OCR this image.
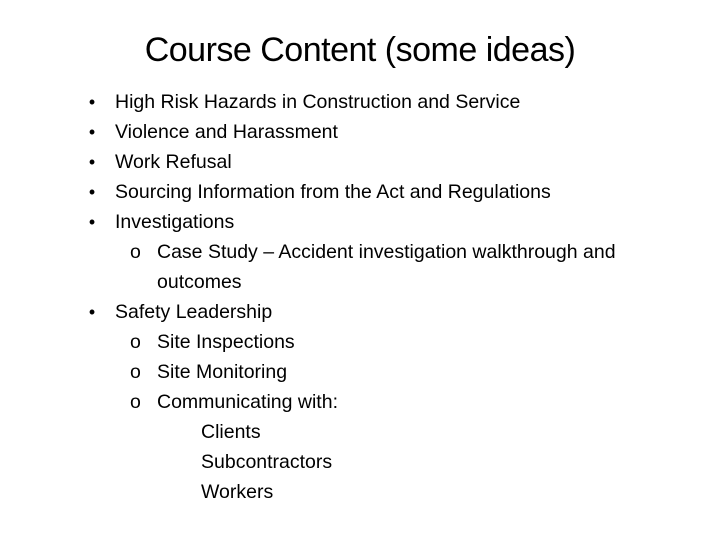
Course Content (some ideas)
• High Risk Hazards in Construction and Service
• Violence and Harassment
• Work Refusal
• Sourcing Information from the Act and Regulations
• Investigations
o Case Study – Accident investigation walkthrough and
outcomes
• Safety Leadership
o Site Inspections
o Site Monitoring
o Communicating with:
Clients
Subcontractors
Workers
